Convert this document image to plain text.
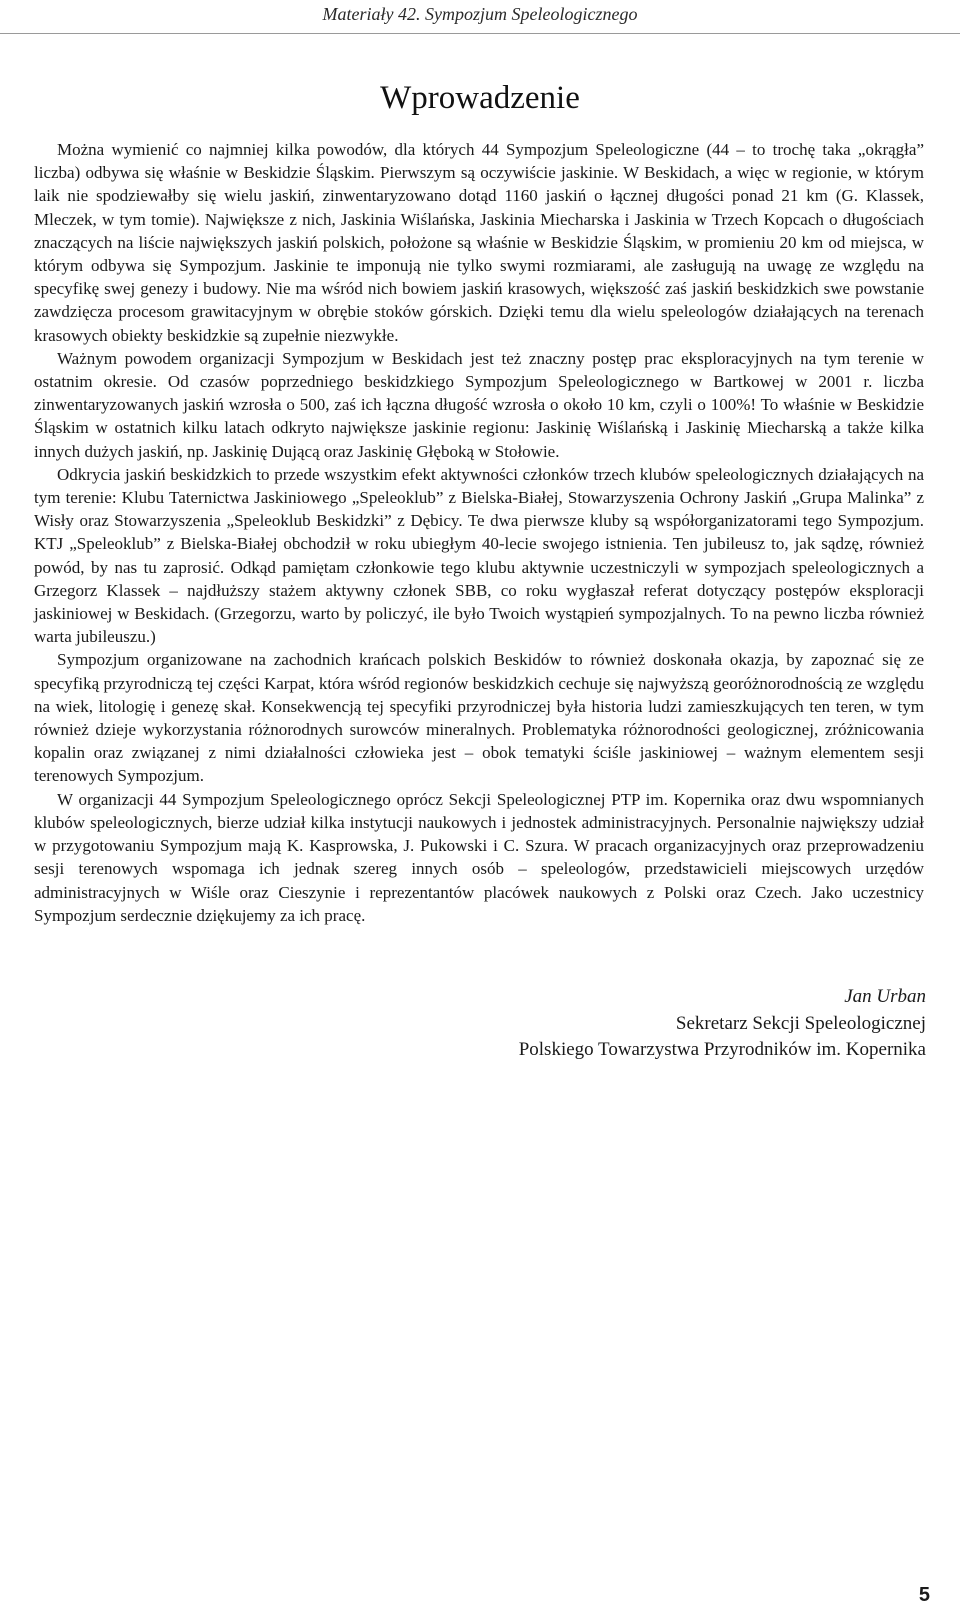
Materiały 42. Sympozjum Speleologicznego
Wprowadzenie

Można wymienić co najmniej kilka powodów, dla których 44 Sympozjum Speleologiczne (44 – to trochę taka „okrągła” liczba) odbywa się właśnie w Beskidzie Śląskim. Pierwszym są oczywiście jaskinie. W Beskidach, a więc w regionie, w którym laik nie spodziewałby się wielu jaskiń, zinwentaryzowano dotąd 1160 jaskiń o łącznej długości ponad 21 km (G. Klassek, Mleczek, w tym tomie). Największe z nich, Jaskinia Wiślańska, Jaskinia Miecharska i Jaskinia w Trzech Kopcach o długościach znaczących na liście największych jaskiń polskich, położone są właśnie w Beskidzie Śląskim, w promieniu 20 km od miejsca, w którym odbywa się Sympozjum. Jaskinie te imponują nie tylko swymi rozmiarami, ale zasługują na uwagę ze względu na specyfikę swej genezy i budowy. Nie ma wśród nich bowiem jaskiń krasowych, większość zaś jaskiń beskidzkich swe powstanie zawdzięcza procesom grawitacyjnym w obrębie stoków górskich. Dzięki temu dla wielu speleologów działających na terenach krasowych obiekty beskidzkie są zupełnie niezwykłe.

Ważnym powodem organizacji Sympozjum w Beskidach jest też znaczny postęp prac eksploracyjnych na tym terenie w ostatnim okresie. Od czasów poprzedniego beskidzkiego Sympozjum Speleologicznego w Bartkowej w 2001 r. liczba zinwentaryzowanych jaskiń wzrosła o 500, zaś ich łączna długość wzrosła o około 10 km, czyli o 100%! To właśnie w Beskidzie Śląskim w ostatnich kilku latach odkryto największe jaskinie regionu: Jaskinię Wiślańską i Jaskinię Miecharską a także kilka innych dużych jaskiń, np. Jaskinię Dującą oraz Jaskinię Głęboką w Stołowie.

Odkrycia jaskiń beskidzkich to przede wszystkim efekt aktywności członków trzech klubów speleologicznych działających na tym terenie: Klubu Taternictwa Jaskiniowego „Speleoklub” z Bielska-Białej, Stowarzyszenia Ochrony Jaskiń „Grupa Malinka” z Wisły oraz Stowarzyszenia „Speleoklub Beskidzki” z Dębicy. Te dwa pierwsze kluby są współorganizatorami tego Sympozjum. KTJ „Speleoklub” z Bielska-Białej obchodził w roku ubiegłym 40-lecie swojego istnienia. Ten jubileusz to, jak sądzę, również powód, by nas tu zaprosić. Odkąd pamiętam członkowie tego klubu aktywnie uczestniczyli w sympozjach speleologicznych a Grzegorz Klassek – najdłuższy stażem aktywny członek SBB, co roku wygłaszał referat dotyczący postępów eksploracji jaskiniowej w Beskidach. (Grzegorzu, warto by policzyć, ile było Twoich wystąpień sympozjalnych. To na pewno liczba również warta jubileuszu.)

Sympozjum organizowane na zachodnich krańcach polskich Beskidów to również doskonała okazja, by zapoznać się ze specyfiką przyrodniczą tej części Karpat, która wśród regionów beskidzkich cechuje się najwyższą georóżnorodnością ze względu na wiek, litologię i genezę skał. Konsekwencją tej specyfiki przyrodniczej była historia ludzi zamieszkujących ten teren, w tym również dzieje wykorzystania różnorodnych surowców mineralnych. Problematyka różnorodności geologicznej, zróżnicowania kopalin oraz związanej z nimi działalności człowieka jest – obok tematyki ściśle jaskiniowej – ważnym elementem sesji terenowych Sympozjum.

W organizacji 44 Sympozjum Speleologicznego oprócz Sekcji Speleologicznej PTP im. Kopernika oraz dwu wspomnianych klubów speleologicznych, bierze udział kilka instytucji naukowych i jednostek administracyjnych. Personalnie największy udział w przygotowaniu Sympozjum mają K. Kasprowska, J. Pukowski i C. Szura. W pracach organizacyjnych oraz przeprowadzeniu sesji terenowych wspomaga ich jednak szereg innych osób – speleologów, przedstawicieli miejscowych urzędów administracyjnych w Wiśle oraz Cieszynie i reprezentantów placówek naukowych z Polski oraz Czech. Jako uczestnicy Sympozjum serdecznie dziękujemy za ich pracę.

Jan Urban
Sekretarz Sekcji Speleologicznej
Polskiego Towarzystwa Przyrodników im. Kopernika
5
